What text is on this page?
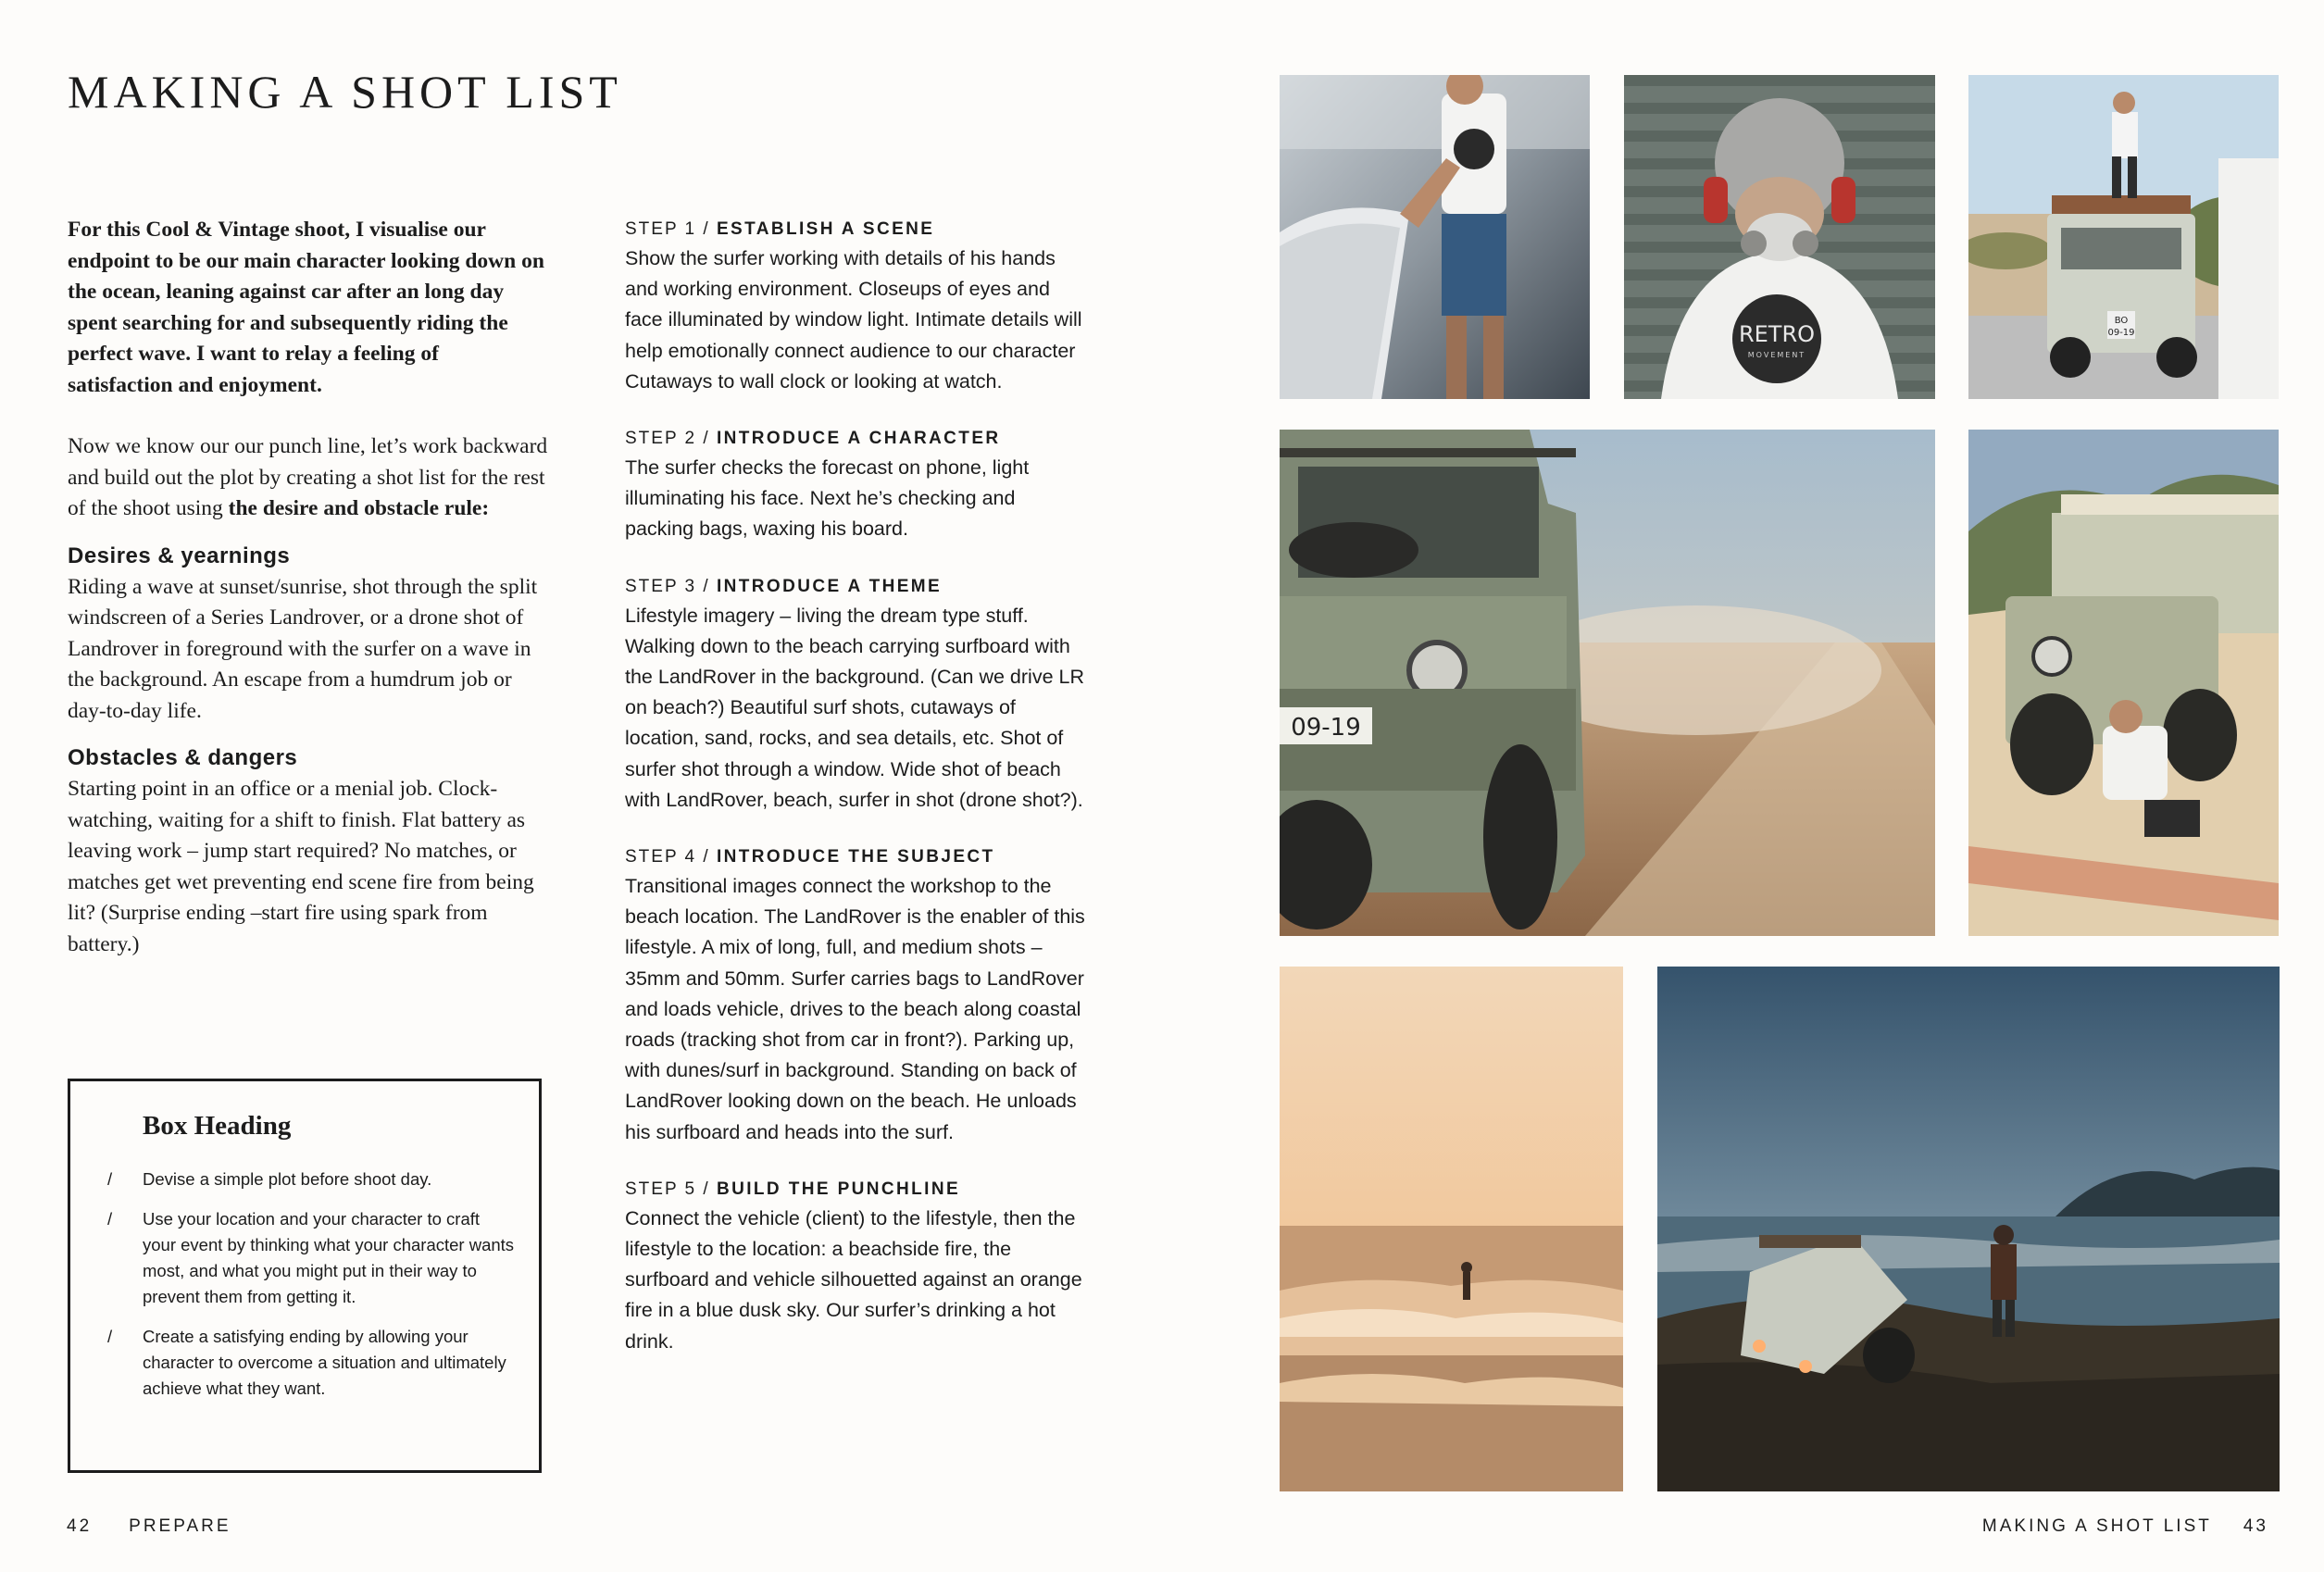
MAKING A SHOT LIST

For this Cool & Vintage shoot, I visualise our endpoint to be our main character looking down on the ocean, leaning against car after an long day spent searching for and subsequently riding the perfect wave. I want to relay a feeling of satisfaction and enjoyment.

Now we know our our punch line, let’s work backward and build out the plot by creating a shot list for the rest of the shoot using the desire and obstacle rule:

Desires & yearnings

Riding a wave at sunset/sunrise, shot through the split windscreen of a Series Landrover, or a drone shot of Landrover in foreground with the surfer on a wave in the background. An escape from a humdrum job or day-to-day life.

Obstacles & dangers

Starting point in an office or a menial job. Clock-watching, waiting for a shift to finish. Flat battery as leaving work – jump start required? No matches, or matches get wet preventing end scene fire from being lit? (Surprise ending –start fire using spark from battery.)

Box Heading
/ Devise a simple plot before shoot day.
/ Use your location and your character to craft your event by thinking what your character wants most, and what you might put in their way to prevent them from getting it.
/ Create a satisfying ending by allowing your character to overcome a situation and ultimately achieve what they want.
STEP 1 / ESTABLISH A SCENE

Show the surfer working with details of his hands and working environment. Closeups of eyes and face illuminated by window light. Intimate details will help emotionally connect audience to our character Cutaways to wall clock or looking at watch.

STEP 2 / INTRODUCE A CHARACTER

The surfer checks the forecast on phone, light illuminating his face. Next he’s checking and packing bags, waxing his board.

STEP 3 / INTRODUCE A THEME

Lifestyle imagery – living the dream type stuff. Walking down to the beach carrying surfboard with the LandRover in the background. (Can we drive LR on beach?) Beautiful surf shots, cutaways of location, sand, rocks, and sea details, etc. Shot of surfer shot through a window. Wide shot of beach with LandRover, beach, surfer in shot (drone shot?).

STEP 4 / INTRODUCE THE SUBJECT

Transitional images connect the workshop to the beach location. The LandRover is the enabler of this lifestyle. A mix of long, full, and medium shots – 35mm and 50mm. Surfer carries bags to LandRover and loads vehicle, drives to the beach along coastal roads (tracking shot from car in front?). Parking up, with dunes/surf in background. Standing on back of LandRover looking down on the beach. He unloads his surfboard and heads into the surf.

STEP 5 / BUILD THE PUNCHLINE

Connect the vehicle (client) to the lifestyle, then the lifestyle to the location: a beachside fire, the surfboard and vehicle silhouetted against an orange fire in a blue dusk sky. Our surfer’s drinking a hot drink.

42 PREPARE	MAKING A SHOT LIST 43
RETRO
MOVEMENT
BO
09-19
09-19
